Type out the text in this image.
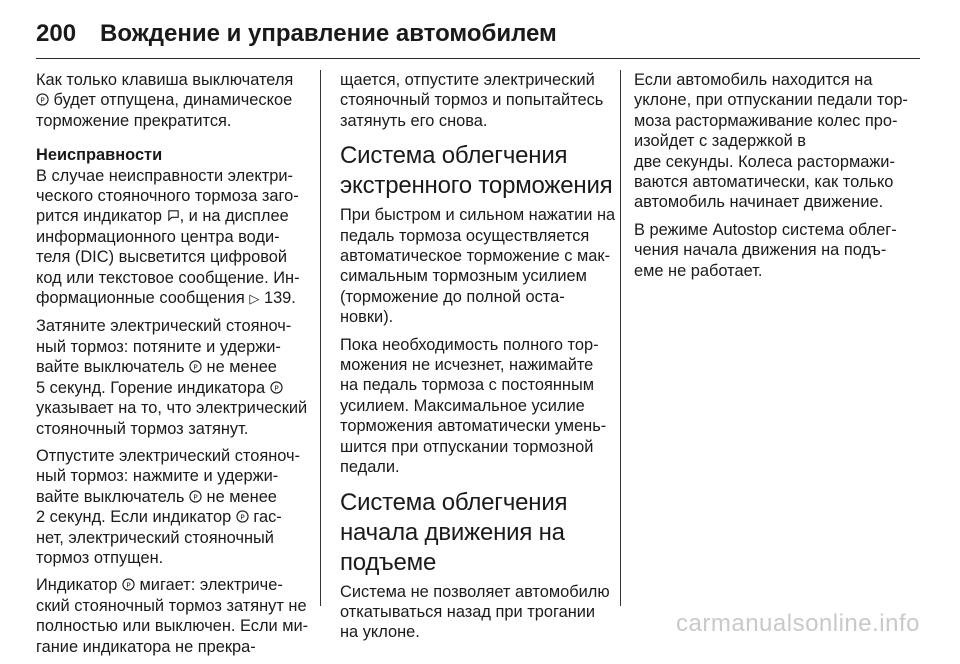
200 Вождение и управление автомобилем

Как только клавиша выключателя
P будет отпущена, динамическое
торможение прекратится.

Неисправности
В случае неисправности электри-
ческого стояночного тормоза заго-
рится индикатор , и на дисплее
информационного центра води-
теля (DIC) высветится цифровой
код или текстовое сообщение. Ин-
формационные сообщения ▷ 139.

Затяните электрический стояноч-
ный тормоз: потяните и удержи-
вайте выключатель P не менее
5 секунд. Горение индикатора P
указывает на то, что электрический
стояночный тормоз затянут.

Отпустите электрический стояноч-
ный тормоз: нажмите и удержи-
вайте выключатель P не менее
2 секунд. Если индикатор P гас-
нет, электрический стояночный
тормоз отпущен.

Индикатор P мигает: электриче-
ский стояночный тормоз затянут не
полностью или выключен. Если ми-
гание индикатора не прекра-

щается, отпустите электрический
стояночный тормоз и попытайтесь
затянуть его снова.

Система облегчения
экстренного торможения

При быстром и сильном нажатии на
педаль тормоза осуществляется
автоматическое торможение с мак-
симальным тормозным усилием
(торможение до полной оста-
новки).

Пока необходимость полного тор-
можения не исчезнет, нажимайте
на педаль тормоза с постоянным
усилием. Максимальное усилие
торможения автоматически умень-
шится при отпускании тормозной
педали.

Система облегчения
начала движения на
подъеме

Система не позволяет автомобилю
откатываться назад при трогании
на уклоне.

Если автомобиль находится на
уклоне, при отпускании педали тор-
моза растормаживание колес про-
изойдет с задержкой в
две секунды. Колеса растормажи-
ваются автоматически, как только
автомобиль начинает движение.

В режиме Autostop система облег-
чения начала движения на подъ-
еме не работает.

carmanualsonline.info
